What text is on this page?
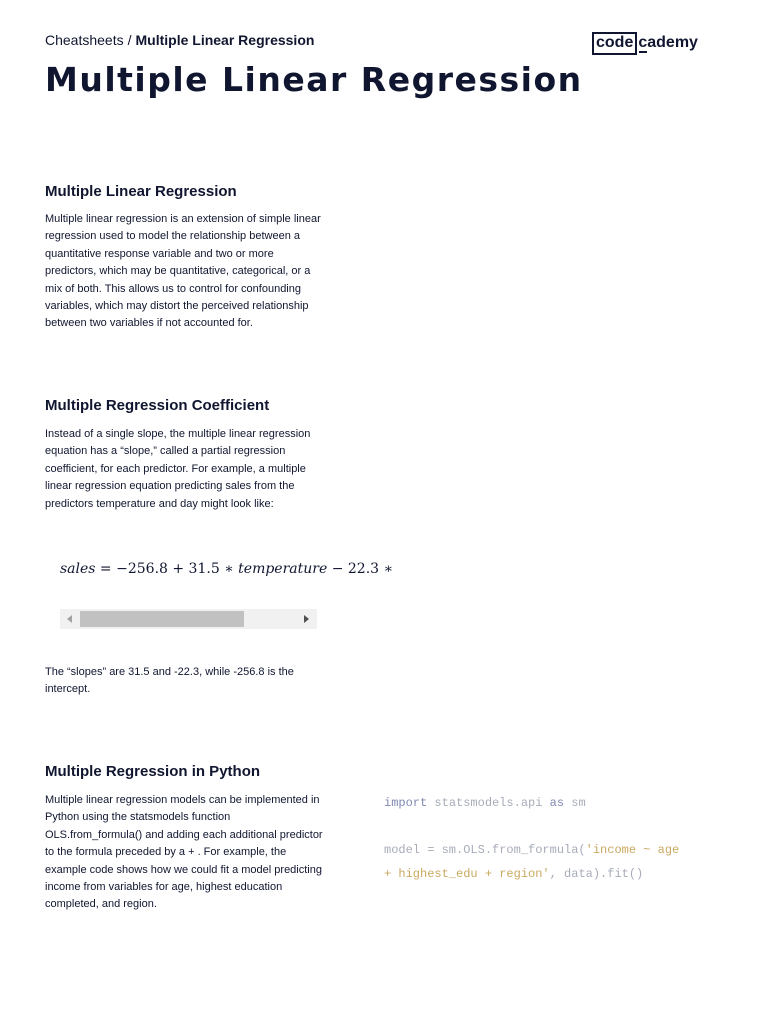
Cheatsheets / Multiple Linear Regression	code cademy
Multiple Linear Regression
Multiple Linear Regression

Multiple linear regression is an extension of simple linear
regression used to model the relationship between a
quantitative response variable and two or more
predictors, which may be quantitative, categorical, or a
mix of both. This allows us to control for confounding
variables, which may distort the perceived relationship
between two variables if not accounted for.

Multiple Regression Coefficient

Instead of a single slope, the multiple linear regression
equation has a “slope,” called a partial regression
coefficient, for each predictor. For example, a multiple
linear regression equation predicting sales from the
predictors temperature and day might look like:

sales = −256.8 + 31.5 ∗ temperature − 22.3 ∗

The “slopes” are 31.5 and -22.3, while -256.8 is the
intercept.

Multiple Regression in Python

Multiple linear regression models can be implemented in
Python using the statsmodels function
OLS.from_formula() and adding each additional predictor
to the formula preceded by a + . For example, the
example code shows how we could fit a model predicting
income from variables for age, highest education
completed, and region.

import statsmodels.api as sm
model = sm.OLS.from_formula('income ~ age
+ highest_edu + region', data).fit()
